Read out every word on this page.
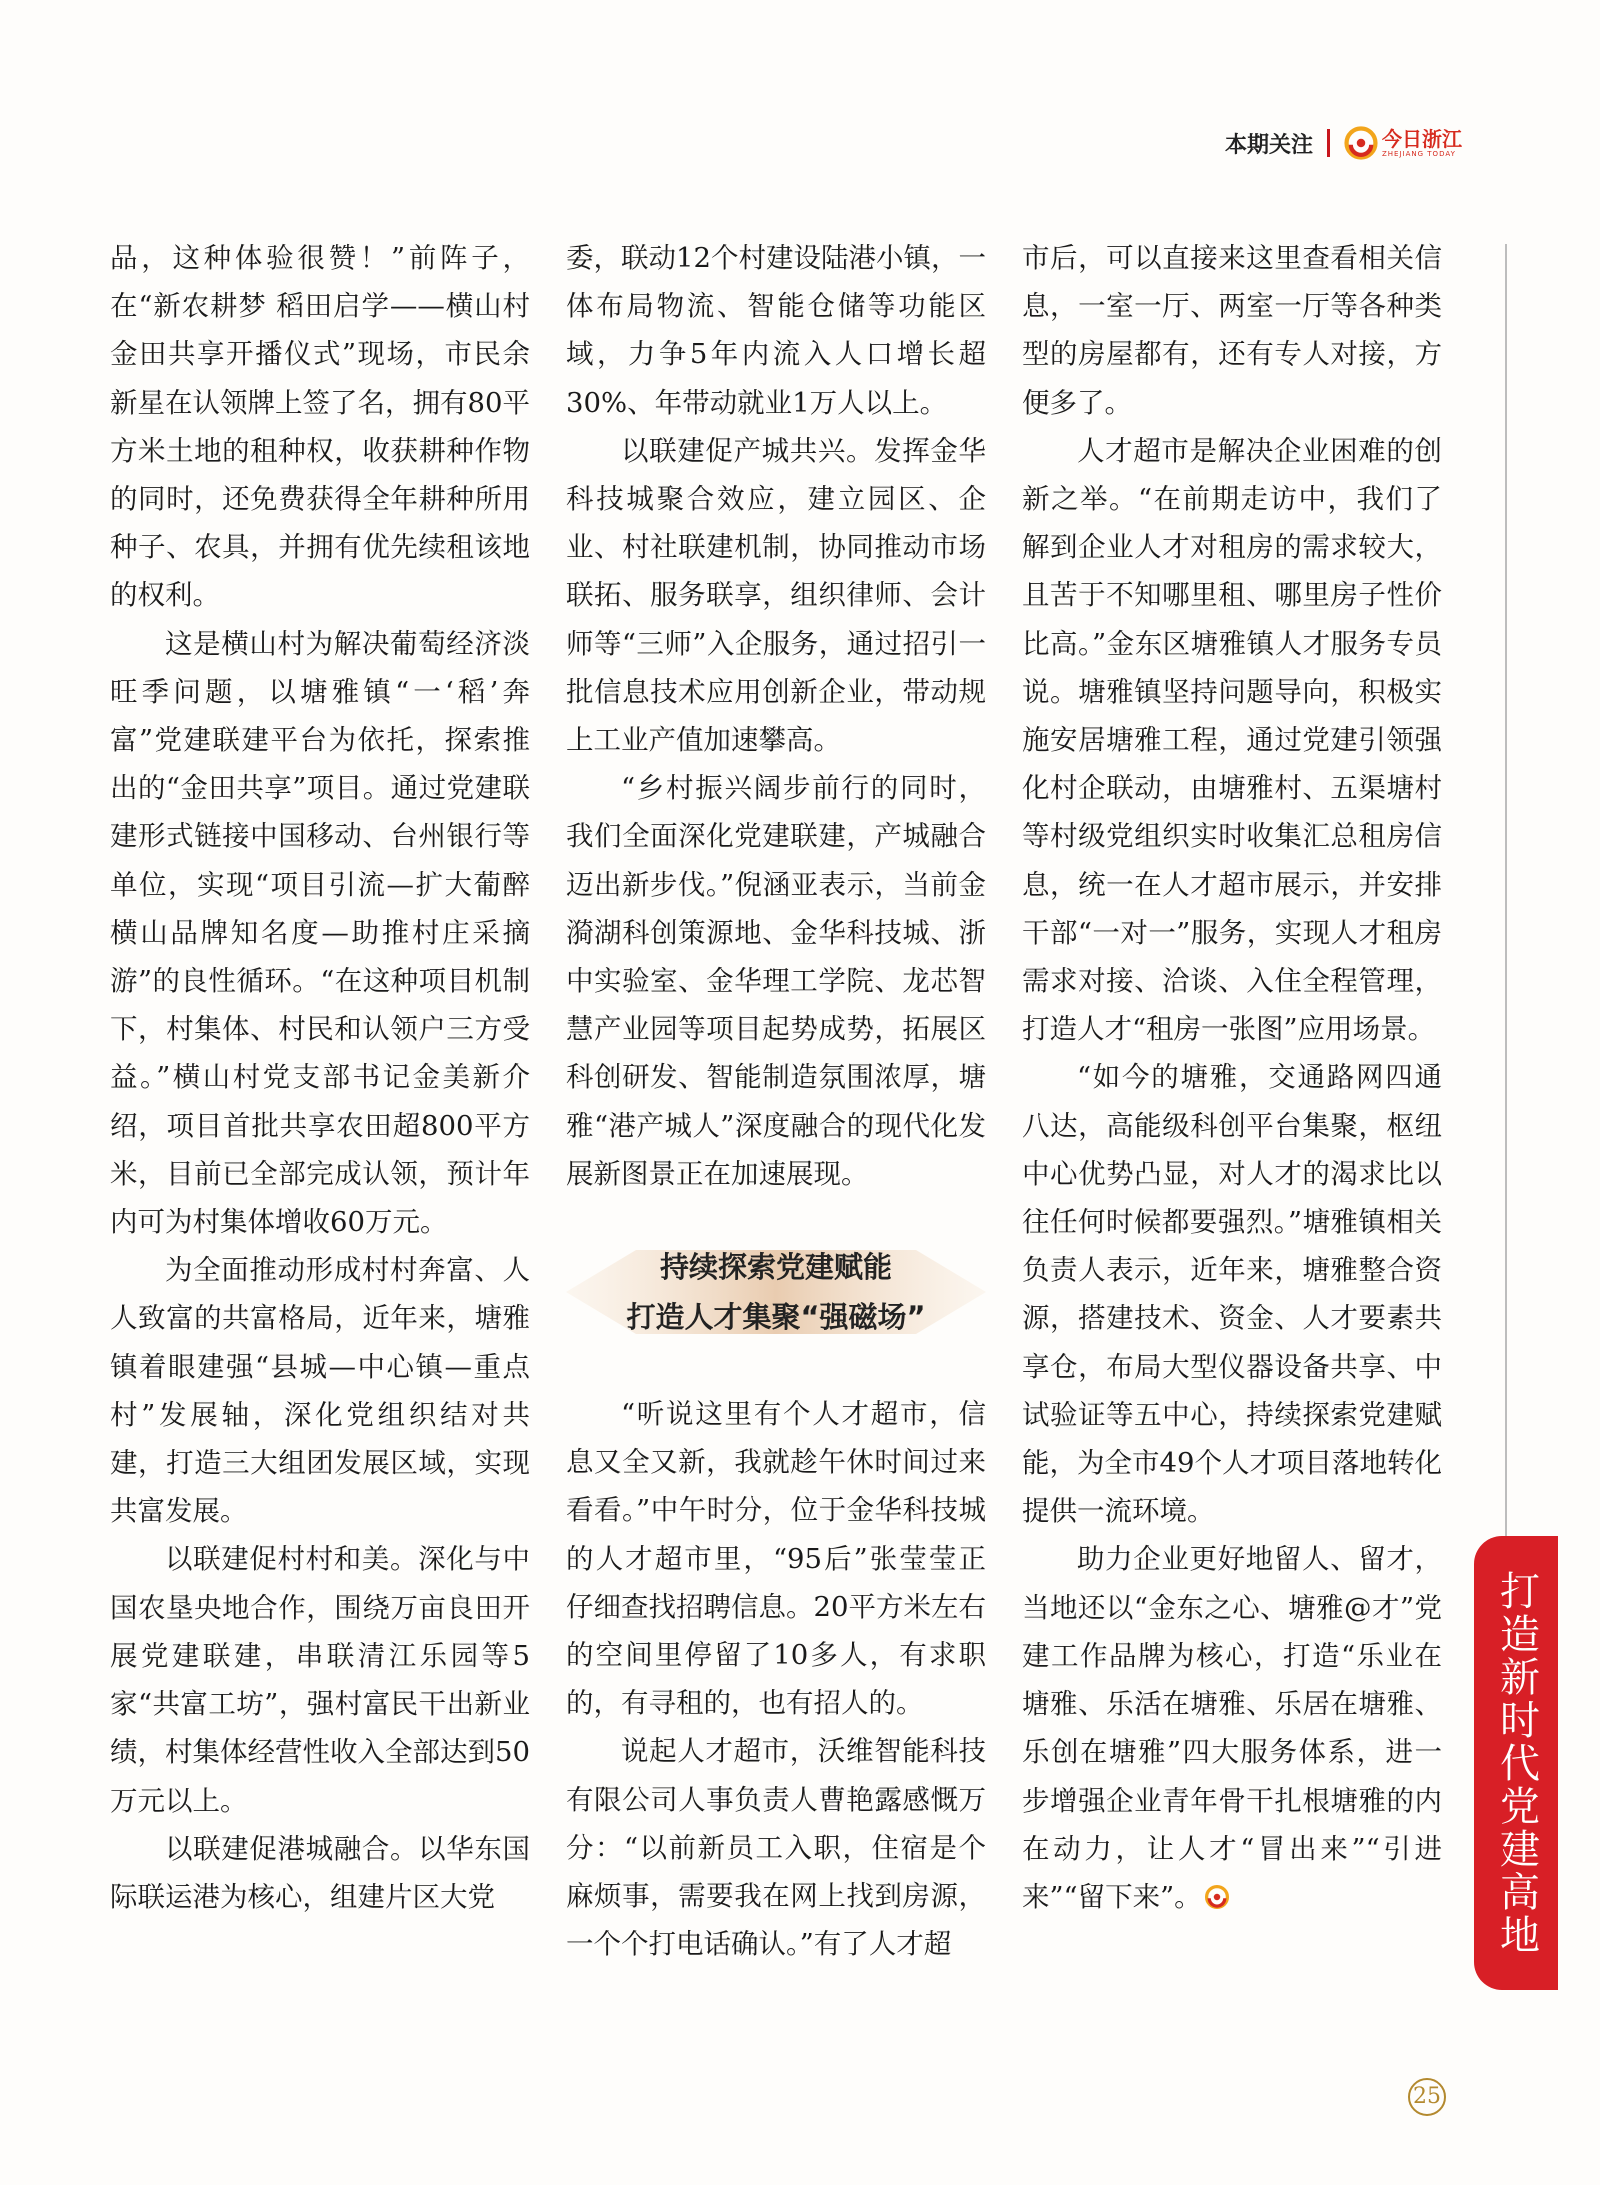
本期关注	今日浙江
ZHEJIANG TODAY

品，这种体验很赞！”前阵子，在“新农耕梦 稻田启学——横山村金田共享开播仪式”现场，市民余新星在认领牌上签了名，拥有80平方米土地的租种权，收获耕种作物的同时，还免费获得全年耕种所用种子、农具，并拥有优先续租该地的权利。

这是横山村为解决葡萄经济淡旺季问题，以塘雅镇“一‘稻’奔富”党建联建平台为依托，探索推出的“金田共享”项目。通过党建联建形式链接中国移动、台州银行等单位，实现“项目引流—扩大葡醉横山品牌知名度—助推村庄采摘游”的良性循环。“在这种项目机制下，村集体、村民和认领户三方受益。”横山村党支部书记金美新介绍，项目首批共享农田超800平方米，目前已全部完成认领，预计年内可为村集体增收60万元。

为全面推动形成村村奔富、人人致富的共富格局，近年来，塘雅镇着眼建强“县城—中心镇—重点村”发展轴，深化党组织结对共建，打造三大组团发展区域，实现共富发展。

以联建促村村和美。深化与中国农垦央地合作，围绕万亩良田开展党建联建，串联清江乐园等5家“共富工坊”，强村富民干出新业绩，村集体经营性收入全部达到50万元以上。

以联建促港城融合。以华东国际联运港为核心，组建片区大党

委，联动12个村建设陆港小镇，一体布局物流、智能仓储等功能区域，力争5年内流入人口增长超30%、年带动就业1万人以上。

以联建促产城共兴。发挥金华科技城聚合效应，建立园区、企业、村社联建机制，协同推动市场联拓、服务联享，组织律师、会计师等“三师”入企服务，通过招引一批信息技术应用创新企业，带动规上工业产值加速攀高。

“乡村振兴阔步前行的同时，我们全面深化党建联建，产城融合迈出新步伐。”倪涵亚表示，当前金漪湖科创策源地、金华科技城、浙中实验室、金华理工学院、龙芯智慧产业园等项目起势成势，拓展区科创研发、智能制造氛围浓厚，塘雅“港产城人”深度融合的现代化发展新图景正在加速展现。

持续探索党建赋能
打造人才集聚“强磁场”

“听说这里有个人才超市，信息又全又新，我就趁午休时间过来看看。”中午时分，位于金华科技城的人才超市里，“95后”张莹莹正仔细查找招聘信息。20平方米左右的空间里停留了10多人，有求职的，有寻租的，也有招人的。

说起人才超市，沃维智能科技有限公司人事负责人曹艳露感慨万分：“以前新员工入职，住宿是个麻烦事，需要我在网上找到房源，一个个打电话确认。”有了人才超

市后，可以直接来这里查看相关信息，一室一厅、两室一厅等各种类型的房屋都有，还有专人对接，方便多了。

人才超市是解决企业困难的创新之举。“在前期走访中，我们了解到企业人才对租房的需求较大，且苦于不知哪里租、哪里房子性价比高。”金东区塘雅镇人才服务专员说。塘雅镇坚持问题导向，积极实施安居塘雅工程，通过党建引领强化村企联动，由塘雅村、五渠塘村等村级党组织实时收集汇总租房信息，统一在人才超市展示，并安排干部“一对一”服务，实现人才租房需求对接、洽谈、入住全程管理，打造人才“租房一张图”应用场景。

“如今的塘雅，交通路网四通八达，高能级科创平台集聚，枢纽中心优势凸显，对人才的渴求比以往任何时候都要强烈。”塘雅镇相关负责人表示，近年来，塘雅整合资源，搭建技术、资金、人才要素共享仓，布局大型仪器设备共享、中试验证等五中心，持续探索党建赋能，为全市49个人才项目落地转化提供一流环境。

助力企业更好地留人、留才，当地还以“金东之心、塘雅@才”党建工作品牌为核心，打造“乐业在塘雅、乐活在塘雅、乐居在塘雅、乐创在塘雅”四大服务体系，进一步增强企业青年骨干扎根塘雅的内在动力，让人才“冒出来”“引进来”“留下来”。	打造新时代党建高地
25
